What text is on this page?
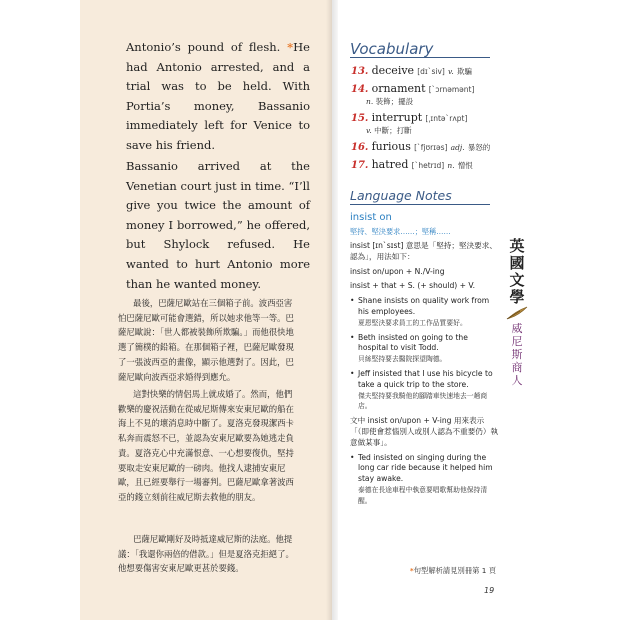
Antonio’s pound of flesh. *He had Antonio arrested, and a trial was to be held. With Portia’s money, Bassanio immediately left for Venice to save his friend.

Bassanio arrived at the Venetian court just in time. “I’ll give you twice the amount of money I borrowed,” he offered, but Shylock refused. He wanted to hurt Antonio more than he wanted money.

最後，巴薩尼歐站在三個箱子前。波西亞害怕巴薩尼歐可能會選錯，所以她求他等一等。巴薩尼歐說：「世人都被裝飾所欺騙。」而他很快地選了簡樸的鉛箱。在那個箱子裡，巴薩尼歐發現了一張波西亞的畫像，顯示他選對了。因此，巴薩尼歐向波西亞求婚得到應允。

這對快樂的情侶馬上就成婚了。然而，他們歡樂的慶祝活動在從威尼斯傳來安東尼歐的船在海上不見的壞消息時中斷了。夏洛克發現潔西卡私奔而震怒不已，並認為安東尼歐要為她逃走負責。夏洛克心中充滿恨意、一心想要復仇，堅持要取走安東尼歐的一磅肉。他找人逮捕安東尼歐，且已經要舉行一場審判。巴薩尼歐拿著波西亞的錢立刻前往威尼斯去救他的朋友。

巴薩尼歐剛好及時抵達威尼斯的法庭。他提議：「我還你兩倍的借款。」但是夏洛克拒絕了。他想要傷害安東尼歐更甚於要錢。

Vocabulary
13. deceive [dɪˋsiv] v. 欺騙
14. ornament [ˋɔrnəmənt]
n. 裝飾；擺設
15. interrupt [͵ɪntəˋrʌpt]
v. 中斷；打斷
16. furious [ˋfjʊrɪəs] adj. 暴怒的
17. hatred [ˋhetrɪd] n. 憎恨
Language Notes

insist on

堅持、堅決要求……；堅稱……

insist [ɪnˋsɪst] 意思是「堅持；堅決要求、認為」，用法如下：

insist on/upon + N./V-ing

insist + that + S. (+ should) + V.

• Shane insists on quality work from his employees.
夏恩堅決要求員工的工作品質要好。
• Beth insisted on going to the hospital to visit Todd.
貝絲堅持要去醫院探望陶德。
• Jeff insisted that I use his bicycle to take a quick trip to the store.
傑夫堅持要我騎他的腳踏車快速地去一趟商店。

文中 insist on/upon + V-ing 用來表示「（即使會惹惱別人或別人認為不重要仍）執意做某事」。

• Ted insisted on singing during the long car ride because it helped him stay awake.
泰德在長途車程中執意要唱歌幫助他保持清醒。

英國文學

威尼斯商人

*句型解析請見別冊第 1 頁

19
